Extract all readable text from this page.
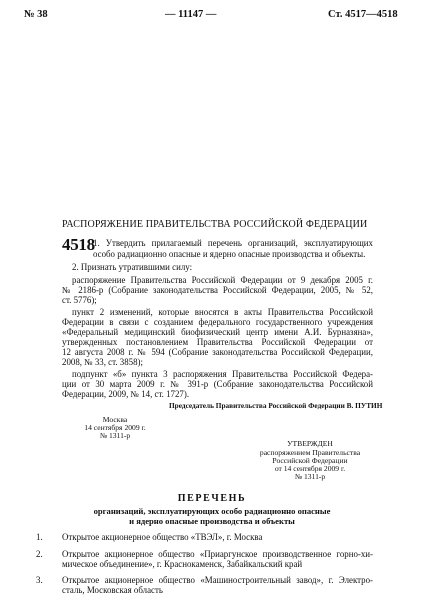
№ 38	— 11147 —	Ст. 4517—4518
РАСПОРЯЖЕНИЕ ПРАВИТЕЛЬСТВА РОССИЙСКОЙ ФЕДЕРАЦИИ
4518
1. Утвердить прилагаемый перечень организаций, эксплуатирующих
особо радиационно опасные и ядерно опасные производства и объекты.
2. Признать утратившими силу:
распоряжение Правительства Российской Федерации от 9 декабря 2005 г.
№ 2186-р (Собрание законодательства Российской Федерации, 2005, № 52,
ст. 5776);
пункт 2 изменений, которые вносятся в акты Правительства Российской
Федерации в связи с созданием федерального государственного учреждения
«Федеральный медицинский биофизический центр имени А.И. Бурназяна»,
утвержденных постановлением Правительства Российской Федерации от
12 августа 2008 г. № 594 (Собрание законодательства Российской Федерации,
2008, № 33, ст. 3858);
подпункт «б» пункта 3 распоряжения Правительства Российской Федера-
ции от 30 марта 2009 г. № 391-р (Собрание законодательства Российской
Федерации, 2009, № 14, ст. 1727).
Председатель Правительства Российской Федерации В. ПУТИН
Москва
14 сентября 2009 г.
№ 1311-р
УТВЕРЖДЕН
распоряжением Правительства
Российской Федерации
от 14 сентября 2009 г.
№ 1311-р
ПЕРЕЧЕНЬ
организаций, эксплуатирующих особо радиационно опасные
и ядерно опасные производства и объекты
1. Открытое акционерное общество «ТВЭЛ», г. Москва
2. Открытое акционерное общество «Приаргунское производственное горно-хи-
мическое объединение», г. Краснокаменск, Забайкальский край
3. Открытое акционерное общество «Машиностроительный завод», г. Электро-
сталь, Московская область
